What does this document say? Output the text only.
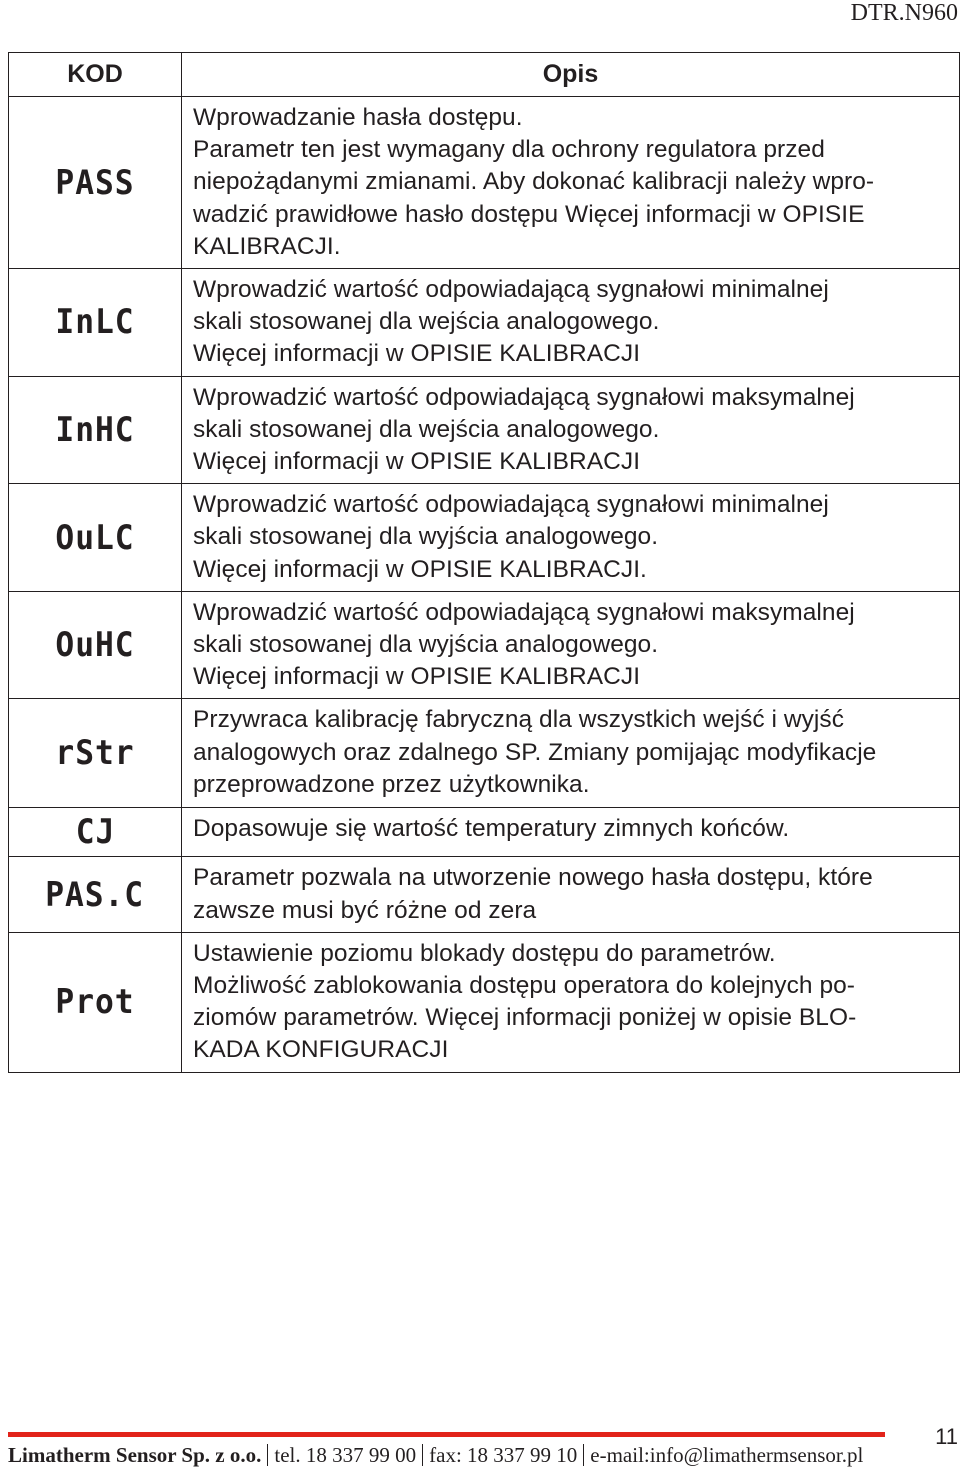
DTR.N960
KOD	Opis
PASS	Wprowadzanie hasła dostępu.
Parametr ten jest wymagany dla ochrony regulatora przed
niepożądanymi zmianami. Aby dokonać kalibracji należy wpro-
wadzić prawidłowe hasło dostępu Więcej informacji w OPISIE
KALIBRACJI.

InLC	Wprowadzić wartość odpowiadającą sygnałowi minimalnej
skali stosowanej dla wejścia analogowego.
Więcej informacji w OPISIE KALIBRACJI

InHC	Wprowadzić wartość odpowiadającą sygnałowi maksymalnej
skali stosowanej dla wejścia analogowego.
Więcej informacji w OPISIE KALIBRACJI

OuLC	Wprowadzić wartość odpowiadającą sygnałowi minimalnej
skali stosowanej dla wyjścia analogowego.
Więcej informacji w OPISIE KALIBRACJI.

OuHC	Wprowadzić wartość odpowiadającą sygnałowi maksymalnej
skali stosowanej dla wyjścia analogowego.
Więcej informacji w OPISIE KALIBRACJI

rStr	Przywraca kalibrację fabryczną dla wszystkich wejść i wyjść
analogowych oraz zdalnego SP. Zmiany pomijając modyfikacje
przeprowadzone przez użytkownika.

CJ	Dopasowuje się wartość temperatury zimnych końców.

PAS.C	Parametr pozwala na utworzenie nowego hasła dostępu, które
zawsze musi być różne od zera

Prot	Ustawienie poziomu blokady dostępu do parametrów.
Możliwość zablokowania dostępu operatora do kolejnych po-
ziomów parametrów. Więcej informacji poniżej w opisie BLO-
KADA KONFIGURACJI
Limatherm Sensor Sp. z o.o. tel. 18 337 99 00 fax: 18 337 99 10 e-mail:info@limathermsensor.pl
11
